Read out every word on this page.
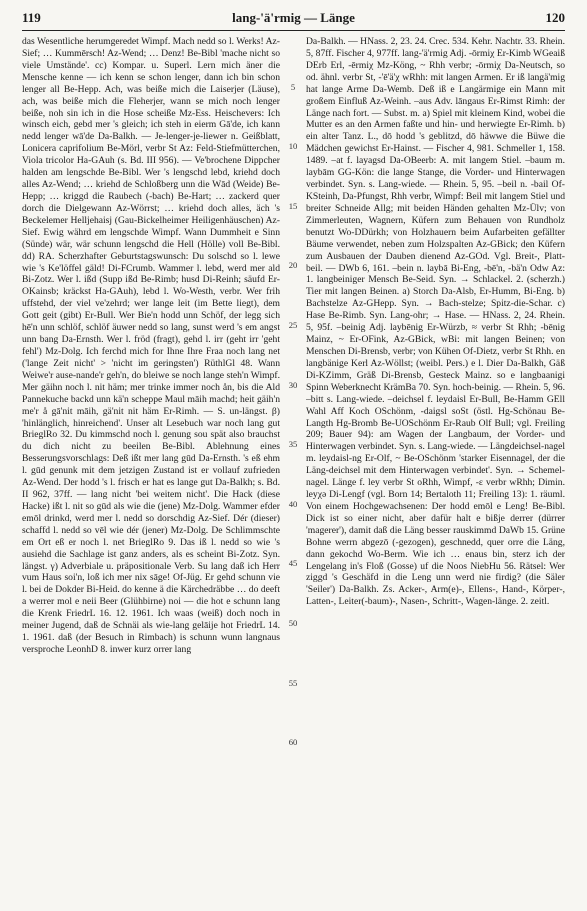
119	lang-'ä'rmig — Länge	120

das Wesentliche herumgeredet Wimpf. Mach nedd so l. Werks! Az-Sief; … Kummērsch! Az-Wend; … Denz! Be-Bibl 'mache nicht so viele Umstände'. cc) Kompar. u. Superl. Lern mich äner die Mensche kenne — ich kenn se schon lenger, dann ich bin schon lenger all Be-Hepp. Ach, was beiße mich die Laiserjer (Läuse), ach, was beiße mich die Fleherjer, wann se mich noch lenger beiße, noh sin ich in die Hose scheiße Mz-Ess. Heischevers: Ich winsch eich, gebd mer 's gleich; ich steh in eierm Gā'de, ich kann nedd lenger wā'de Da-Balkh. — Je-lenger-je-liewer n. Geißblatt, Lonicera caprifolium Be-Mörl, verbr St Az: Feld-Stiefmütterchen, Viola tricolor Ha-GAuh (s. Bd. III 956). — Ve'brochene Dippcher halden am lengschde Be-Bibl. Wer 's lengschd lebd, kriehd doch alles Az-Wend; … kriehd de Schloßberg unn die Wād (Weide) Be-Hepp; … kriggd die Raubech (-bach) Be-Hart; … zackerd quer dorch die Dielgewann Az-Wörrst; … kriehd doch alles, äch 's Beckelemer Helljehaisj (Gau-Bickelheimer Heiligenhäuschen) Az-Sief. Ewig währd em lengschde Wimpf. Wann Dummheit e Sinn (Sünde) wär, wär schunn lengschd die Hell (Hölle) voll Be-Bibl. dd) RA. Scherzhafter Geburtstagswunsch: Du solschd so l. lewe wie 's Ke'löffel gäld! Di-FCrumb. Wammer l. lebd, werd mer ald Bi-Zotz. Wer l. ißd (Supp ißd Be-Rimb; husd Di-Reinh; säufd Er-OKainsb; kräckst Ha-GAuh), lebd l. Wo-Westh, verbr. Wer frih uffstehd, der viel ve'zehrd; wer lange leit (im Bette liegt), dem Gott geit (gibt) Er-Bull. Wer Bie'n hodd unn Schöf, der legg sich hē'n unn schlöf, schlöf äuwer nedd so lang, sunst werd 's em angst unn bang Da-Ernsth. Wer l. fröd (fragt), gehd l. irr (geht irr 'geht fehl') Mz-Dolg. Ich ferchd mich for Ihne Ihre Fraa noch lang net ('lange Zeit nicht' > 'nicht im geringsten') RüthlGl 48. Wann Weiwe'r ause-nande'r geh'n, do bleiwe se noch lange steh'n Wimpf. Mer gäihn noch l. nit häm; mer trinke immer noch ån, bis die Ald Pannekuche backd unn kä'n scheppe Maul māih machd; heit gäih'n me'r å gā'nit māih, gä'nit nit häm Er-Rimh. — S. un-längst. β) 'hinlänglich, hinreichend'. Unser alt Lesebuch war noch lang gut BrieglRo 32. Du kimmschd noch l. genung sou spät also brauchst du dich nicht zu beeilen Be-Bibl. Ablehnung eines Besserungsvorschlags: Deß ißt mer lang gūd Da-Ernsth. 's eß ehm l. gūd genunk mit dem jetzigen Zustand ist er vollauf zufrieden Az-Wend. Der hodd 's l. frisch er hat es lange gut Da-Balkh; s. Bd. II 962, 37ff. — lang nicht 'bei weitem nicht'. Die Hack (diese Hacke) ißt l. nit so gūd als wie die (jene) Mz-Dolg. Wammer efder emōl drinkd, werd mer l. nedd so dorschdig Az-Sief. Dér (dieser) schaffd l. nedd so vēl wie dér (jener) Mz-Dolg. De Schlimmschte em Ort eß er noch l. net BrieglRo 9. Das iß l. nedd so wie 's ausiehd die Sachlage ist ganz anders, als es scheint Bi-Zotz. Syn. längst. γ) Adverbiale u. präpositionale Verb. Su lang daß ich Herr vum Haus soi'n, loß ich mer nix sāge! Of-Jüg. Er gehd schunn vie l. bei de Dokder Bi-Heid. do kenne ä die Kärchedräbbe … do deeft a werrer mol e neii Beer (Glühbirne) noi — die hot e schunn lang die Krenk FriedrL 16. 12. 1961. Ich waas (weiß) doch noch in meiner Jugend, daß de Schnäi als wie-lang gelāije hot FriedrL 14. 1. 1961. daß (der Besuch in Rimbach) is schunn wunn langnaus versproche LeonhD 8. inwer kurz orrer lang

5
10
15
20
25
30
35
40
45
50
55
60

Da-Balkh. — HNass. 2, 23. 24. Crec. 534. Kehr. Nachtr. 33. Rhein. 5, 87ff. Fischer 4, 977ff. lang-'ä'rmig Adj. -ōrmiχ Er-Kimb WGeaiß DErb Erl, -ērmiχ Mz-Köng, ~ Rhh verbr; -ōrmiχ Da-Neutsch, so od. ähnl. verbr St, -'ē'ä'χ wRhh: mit langen Armen. Er iß langä'mig hat lange Arme Da-Wemb. Deß iß e Langärmige ein Mann mit großem Einfluß Az-Weinh. –aus Adv. lāngaus Er-Rimst Rimh: der Länge nach fort. — Subst. m. a) Spiel mit kleinem Kind, wobei die Mutter es an den Armen faßte und hin- und herwiegte Er-Rimh. b) ein alter Tanz. L., dō hodd 's geblitzd, dō häwwe die Büwe die Mädchen gewichst Er-Hainst. — Fischer 4, 981. Schmeller 1, 158. 1489. –at f. layagsd Da-OBeerb: A. mit langem Stiel. –baum m. laybām GG-Kön: die lange Stange, die Vorder- und Hinterwagen verbindet. Syn. s. Lang-wiede. — Rhein. 5, 95. –beil n. -bail Of-KSteinh, Da-Pfungst, Rhh verbr, Wimpf: Beil mit langem Stiel und breiter Schneide Allg; mit beiden Händen gehalten Mz-Ülv; von Zimmerleuten, Wagnern, Küfern zum Behauen von Rundholz benutzt Wo-DDürkh; von Holzhauern beim Aufarbeiten gefällter Bäume verwendet, neben zum Holzspalten Az-GBick; den Küfern zum Ausbauen der Dauben dienend Az-GOd. Vgl. Breit-, Platt-beil. — DWb 6, 161. –bein n. laybā Bi-Eng, -bē'n, -bä'n Odw Az: 1. langbeiniger Mensch Be-Seid. Syn. → Schlackel. 2. (scherzh.) Tier mit langen Beinen. a) Storch Da-Alsb, Er-Humm, Bi-Eng. b) Bachstelze Az-GHepp. Syn. → Bach-stelze; Spitz-die-Schar. c) Hase Be-Rimb. Syn. Lang-ohr; → Hase. — HNass. 2, 24. Rhein. 5, 95f. –beinig Adj. laybēnig Er-Würzb, ≈ verbr St Rhh; -bēnig Mainz, ~ Er-OFink, Az-GBick, wBi: mit langen Beinen; von Menschen Di-Brensb, verbr; von Kühen Of-Dietz, verbr St Rhh. en langbänige Kerl Az-Wöllst; (weibl. Pers.) e l. Dier Da-Balkh, Gäß Di-KZimm, Gräß Di-Brensb, Gesteck Mainz. so e langbaanigi Spinn Weberknecht KrämBa 70. Syn. hoch-beinig. — Rhein. 5, 96. –bitt s. Lang-wiede. –deichsel f. leydaisl Er-Bull, Be-Hamm GEll Wahl Aff Koch OSchönm, -daigsl soSt (östl. Hg-Schönau Be-Langth Hg-Bromb Be-UOSchönm Er-Raub Olf Bull; vgl. Freiling 209; Bauer 94): am Wagen der Langbaum, der Vorder- und Hinterwagen verbindet. Syn. s. Lang-wiede. — Längdeichsel-nagel m. leydaisl-ng Er-Olf, ~ Be-OSchönm 'starker Eisennagel, der die Läng-deichsel mit dem Hinterwagen verbindet'. Syn. → Schemel-nagel. Länge f. ley verbr St oRhh, Wimpf, -ε verbr wRhh; Dimin. leyχə Di-Lengf (vgl. Born 14; Bertaloth 11; Freiling 13): 1. räuml. Von einem Hochgewachsenen: Der hodd emōl e Leng! Be-Bibl. Dick ist so einer nicht, aber dafür halt e bißje derrer (dürrer 'magerer'), damit daß die Läng besser rauskimmd DaWb 15. Grüne Bohne werrn abgezō (-gezogen), geschnedd, quer orre die Läng, dann gekochd Wo-Berm. Wie ich … enaus bin, sterz ich der Lengelang in's Floß (Gosse) uf die Noos NiebHu 56. Rätsel: Wer ziggd 's Geschäfd in die Leng unn werd nie firdig? (die Säler 'Seiler') Da-Balkh. Zs. Acker-, Arm(e)-, Ellens-, Hand-, Körper-, Latten-, Leiter(-baum)-, Nasen-, Schritt-, Wagen-länge. 2. zeitl.
